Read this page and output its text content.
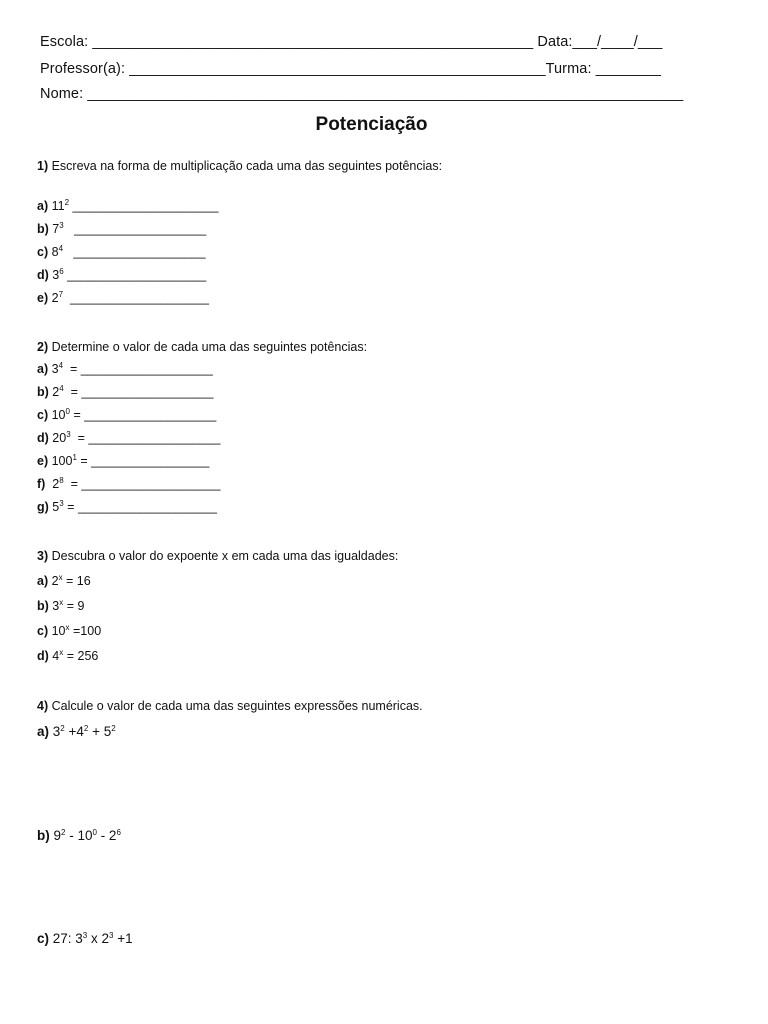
Escola: ______________________________________________________ Data:___/____/___
Professor(a): ___________________________________________________Turma: ________
Nome: _________________________________________________________________________
Potenciação
1) Escreva na forma de multiplicação cada uma das seguintes potências:
a) $11^2$ _____________________
b) $7^3$   ___________________
c) $8^4$   ___________________
d) $3^6$ ____________________
e) $2^7$  ____________________
2) Determine o valor de cada uma das seguintes potências:
a) $3^4$  = ___________________
b) $2^4$  = ___________________
c) $10^0$ = ___________________
d) $20^3$  = ___________________
e) $100^1$ = _________________
f)  $2^8$  = ____________________
g) $5^3$ = ____________________
3) Descubra o valor do expoente x em cada uma das igualdades:
a) $2^x = 16$
b) $3^x = 9$
c) $10^x =100$
d) $4^x = 256$
4) Calcule o valor de cada uma das seguintes expressões numéricas.
a) $3^2 +4^2 + 5^2$
b) $9^2 - 10^0 - 2^6$
c) 27: $3^3$ x $2^3 +1$
